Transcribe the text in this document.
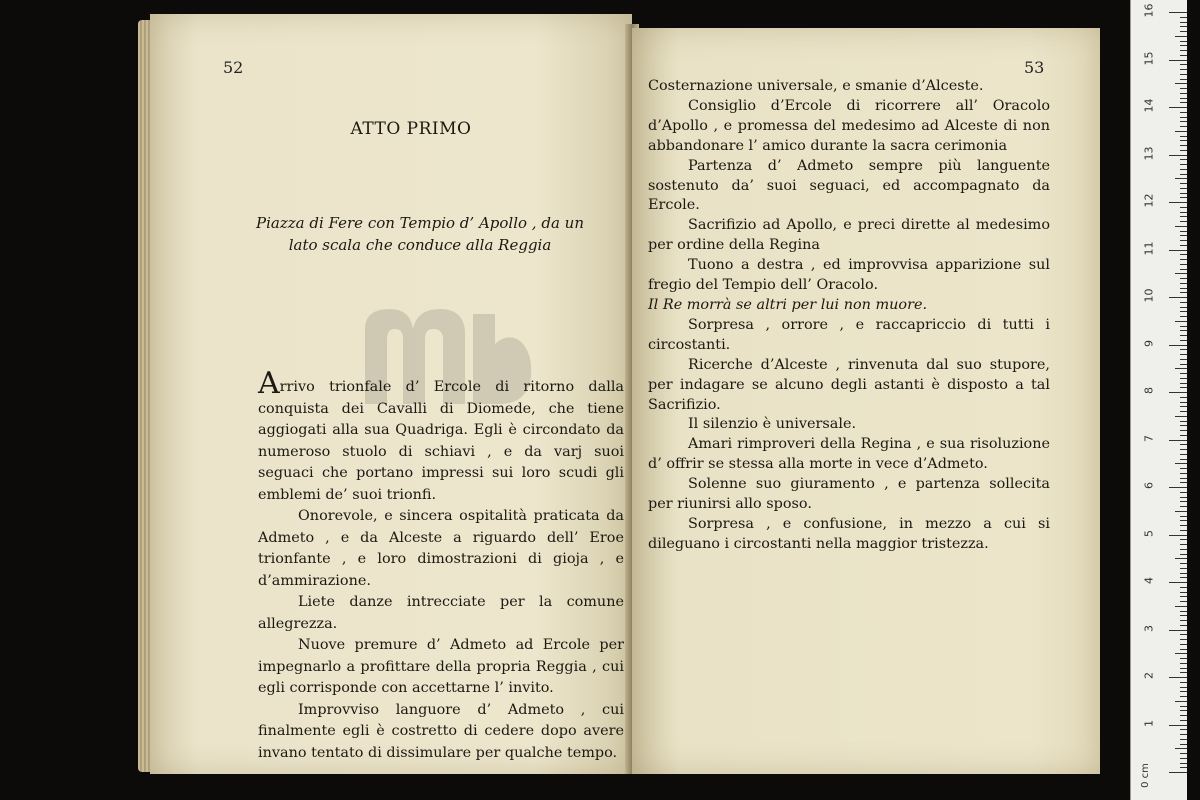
52
ATTO PRIMO
Piazza di Fere con Tempio d’ Apollo , da un
lato scala che conduce alla Reggia

Arrivo trionfale d’ Ercole di ritorno dalla conquista dei Cavalli di Diomede, che tiene aggiogati alla sua Quadriga. Egli è circondato da numeroso stuolo di schiavi , e da varj suoi seguaci che portano impressi sui loro scudi gli emblemi de’ suoi trionfi.

Onorevole, e sincera ospitalità praticata da Admeto , e da Alceste a riguardo dell’ Eroe trionfante , e loro dimostrazioni di gioja , e d’ammirazione.

Liete danze intrecciate per la comune allegrezza.

Nuove premure d’ Admeto ad Ercole per impegnarlo a profittare della propria Reggia , cui egli corrisponde con accettarne l’ invito.

Improvviso languore d’ Admeto , cui finalmente egli è costretto di cedere dopo avere invano tentato di dissimulare per qualche tempo.

53

Costernazione universale, e smanie d’Alceste.

Consiglio d’Ercole di ricorrere all’ Oracolo d’Apollo , e promessa del medesimo ad Alceste di non abbandonare l’ amico durante la sacra cerimonia

Partenza d’ Admeto sempre più languente sostenuto da’ suoi seguaci, ed accompagnato da Ercole.

Sacrifizio ad Apollo, e preci dirette al medesimo per ordine della Regina

Tuono a destra , ed improvvisa apparizione sul fregio del Tempio dell’ Oracolo.

Il Re morrà se altri per lui non muore.

Sorpresa , orrore , e raccapriccio di tutti i circostanti.

Ricerche d’Alceste , rinvenuta dal suo stupore, per indagare se alcuno degli astanti è disposto a tal Sacrifizio.

Il silenzio è universale.

Amari rimproveri della Regina , e sua risoluzione d’ offrir se stessa alla morte in vece d’Admeto.

Solenne suo giuramento , e partenza sollecita per riunirsi allo sposo.

Sorpresa , e confusione, in mezzo a cui si dileguano i circostanti nella maggior tristezza.

0 cm
1
2
3
4
5
6
7
8
9
10
11
12
13
14
15
16
